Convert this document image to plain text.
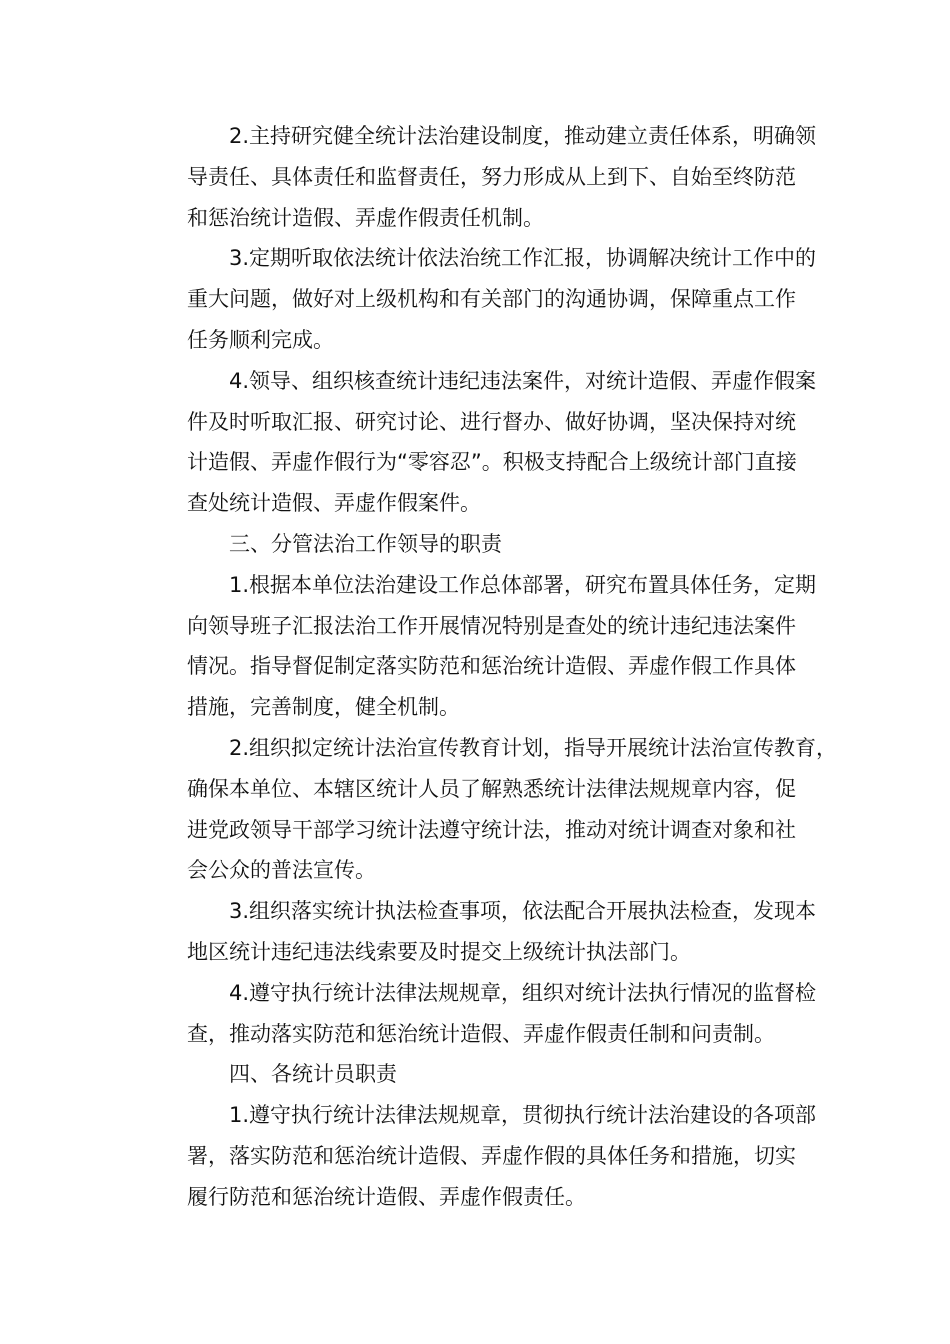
2.主持研究健全统计法治建设制度，推动建立责任体系，明确领
导责任、具体责任和监督责任，努力形成从上到下、自始至终防范
和惩治统计造假、弄虚作假责任机制。
3.定期听取依法统计依法治统工作汇报，协调解决统计工作中的
重大问题，做好对上级机构和有关部门的沟通协调，保障重点工作
任务顺利完成。
4.领导、组织核查统计违纪违法案件，对统计造假、弄虚作假案
件及时听取汇报、研究讨论、进行督办、做好协调，坚决保持对统
计造假、弄虚作假行为“零容忍”。积极支持配合上级统计部门直接
查处统计造假、弄虚作假案件。
三、分管法治工作领导的职责
1.根据本单位法治建设工作总体部署，研究布置具体任务，定期
向领导班子汇报法治工作开展情况特别是查处的统计违纪违法案件
情况。指导督促制定落实防范和惩治统计造假、弄虚作假工作具体
措施，完善制度，健全机制。
2.组织拟定统计法治宣传教育计划，指导开展统计法治宣传教育，
确保本单位、本辖区统计人员了解熟悉统计法律法规规章内容，促
进党政领导干部学习统计法遵守统计法，推动对统计调查对象和社
会公众的普法宣传。
3.组织落实统计执法检查事项，依法配合开展执法检查，发现本
地区统计违纪违法线索要及时提交上级统计执法部门。
4.遵守执行统计法律法规规章，组织对统计法执行情况的监督检
查，推动落实防范和惩治统计造假、弄虚作假责任制和问责制。
四、各统计员职责
1.遵守执行统计法律法规规章，贯彻执行统计法治建设的各项部
署，落实防范和惩治统计造假、弄虚作假的具体任务和措施，切实
履行防范和惩治统计造假、弄虚作假责任。
